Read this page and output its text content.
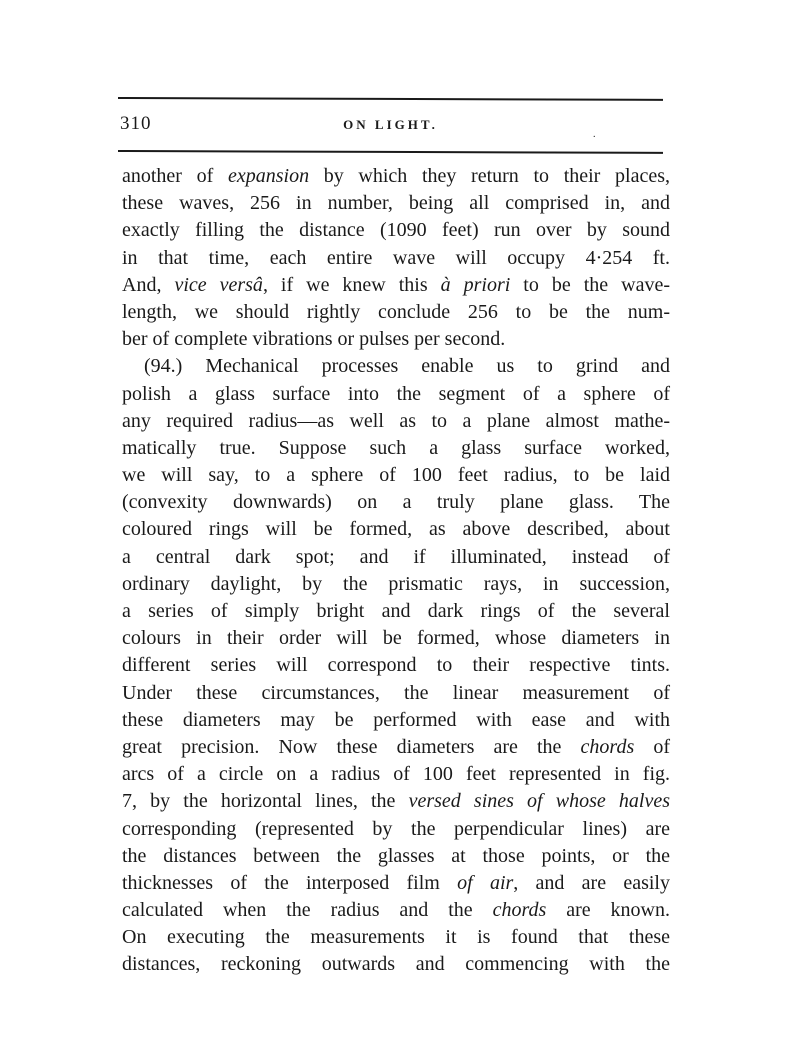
310	ON LIGHT.
.
another of expansion by which they return to their places,
these waves, 256 in number, being all comprised in, and
exactly filling the distance (1090 feet) run over by sound
in that time, each entire wave will occupy 4·254 ft.
And, vice versâ, if we knew this à priori to be the wave-
length, we should rightly conclude 256 to be the num-
ber of complete vibrations or pulses per second.
(94.) Mechanical processes enable us to grind and
polish a glass surface into the segment of a sphere of
any required radius—as well as to a plane almost mathe-
matically true. Suppose such a glass surface worked,
we will say, to a sphere of 100 feet radius, to be laid
(convexity downwards) on a truly plane glass. The
coloured rings will be formed, as above described, about
a central dark spot; and if illuminated, instead of
ordinary daylight, by the prismatic rays, in succession,
a series of simply bright and dark rings of the several
colours in their order will be formed, whose diameters in
different series will correspond to their respective tints.
Under these circumstances, the linear measurement of
these diameters may be performed with ease and with
great precision. Now these diameters are the chords of
arcs of a circle on a radius of 100 feet represented in fig.
7, by the horizontal lines, the versed sines of whose halves
corresponding (represented by the perpendicular lines) are
the distances between the glasses at those points, or the
thicknesses of the interposed film of air, and are easily
calculated when the radius and the chords are known.
On executing the measurements it is found that these
distances, reckoning outwards and commencing with the
